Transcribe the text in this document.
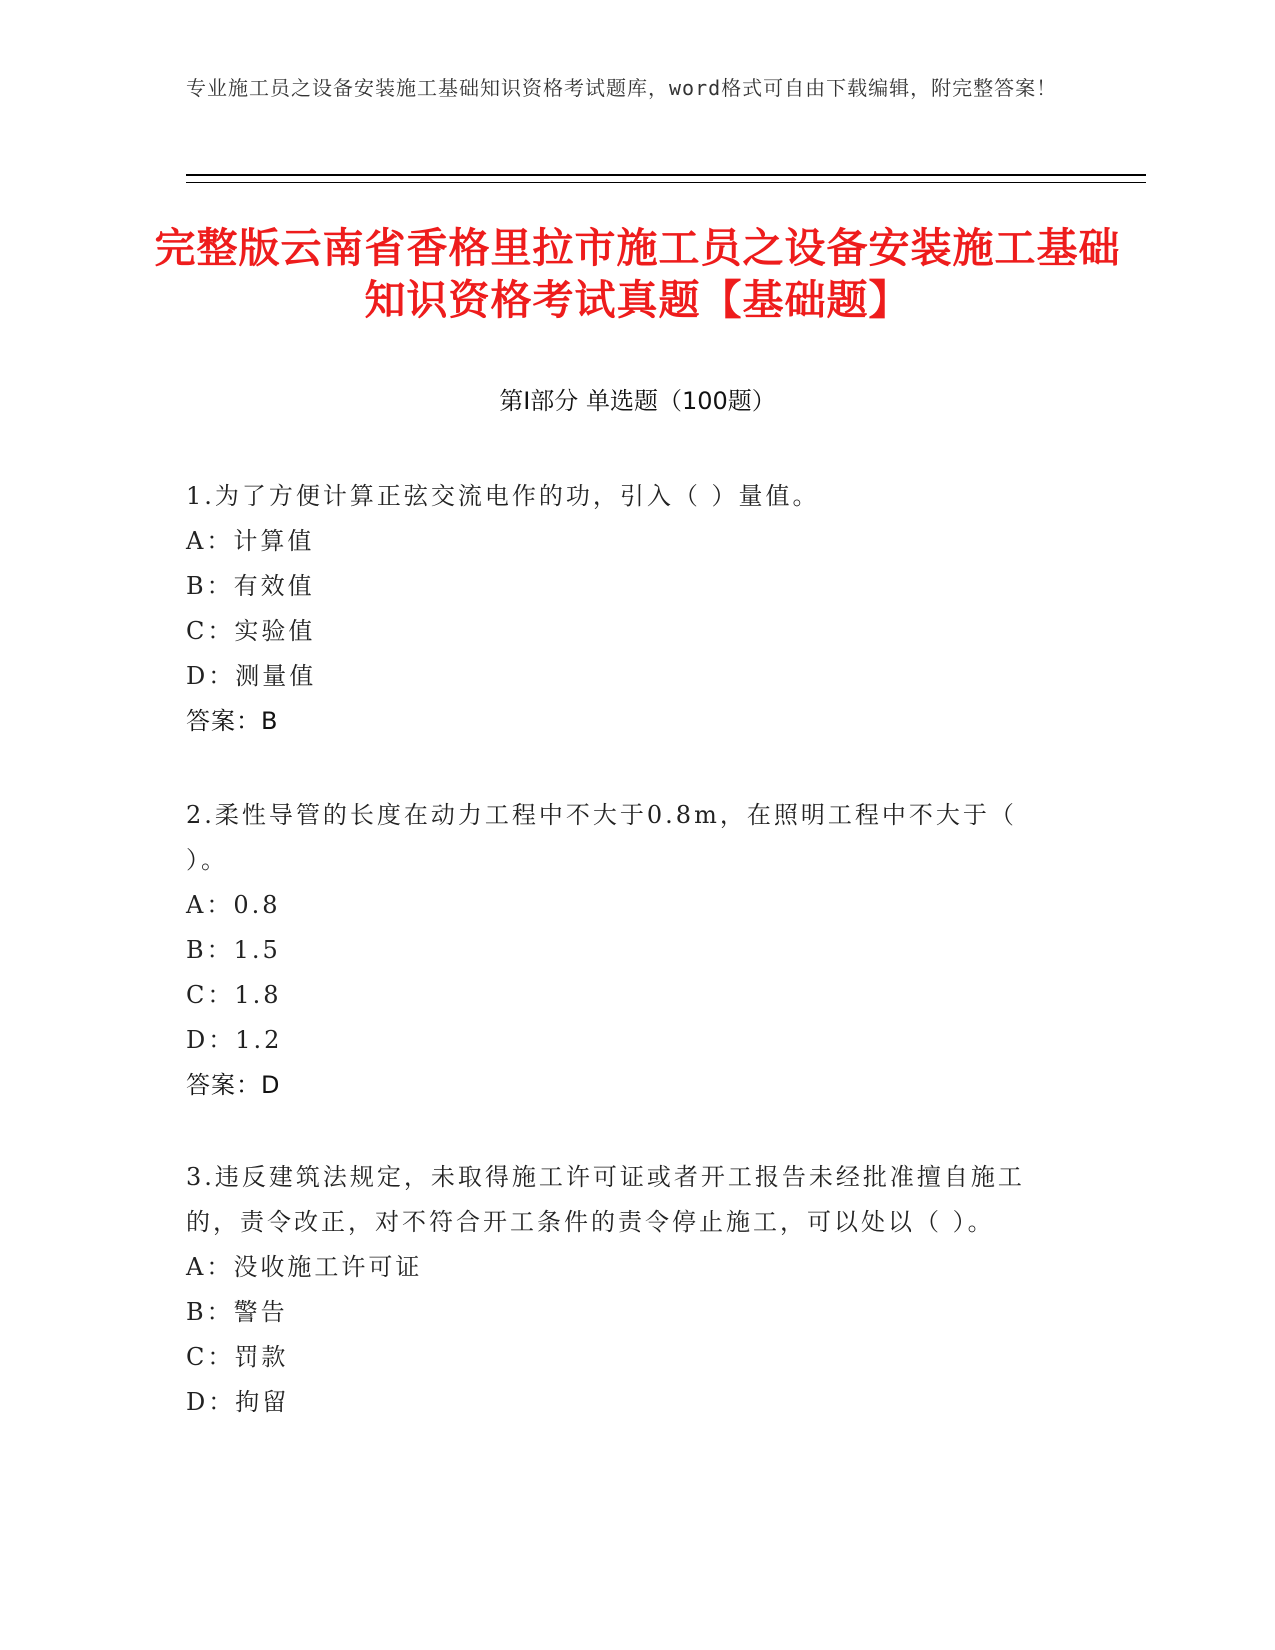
专业施工员之设备安装施工基础知识资格考试题库，word格式可自由下载编辑，附完整答案！
完整版云南省香格里拉市施工员之设备安装施工基础知识资格考试真题【基础题】
第Ⅰ部分 单选题（100题）
1.为了方便计算正弦交流电作的功，引入（ ）量值。
A：计算值
B：有效值
C：实验值
D：测量值
答案：B
2.柔性导管的长度在动力工程中不大于0.8m，在照明工程中不大于（ ）。
A：0.8
B：1.5
C：1.8
D：1.2
答案：D
3.违反建筑法规定，未取得施工许可证或者开工报告未经批准擅自施工的，责令改正，对不符合开工条件的责令停止施工，可以处以（ ）。
A：没收施工许可证
B：警告
C：罚款
D：拘留
